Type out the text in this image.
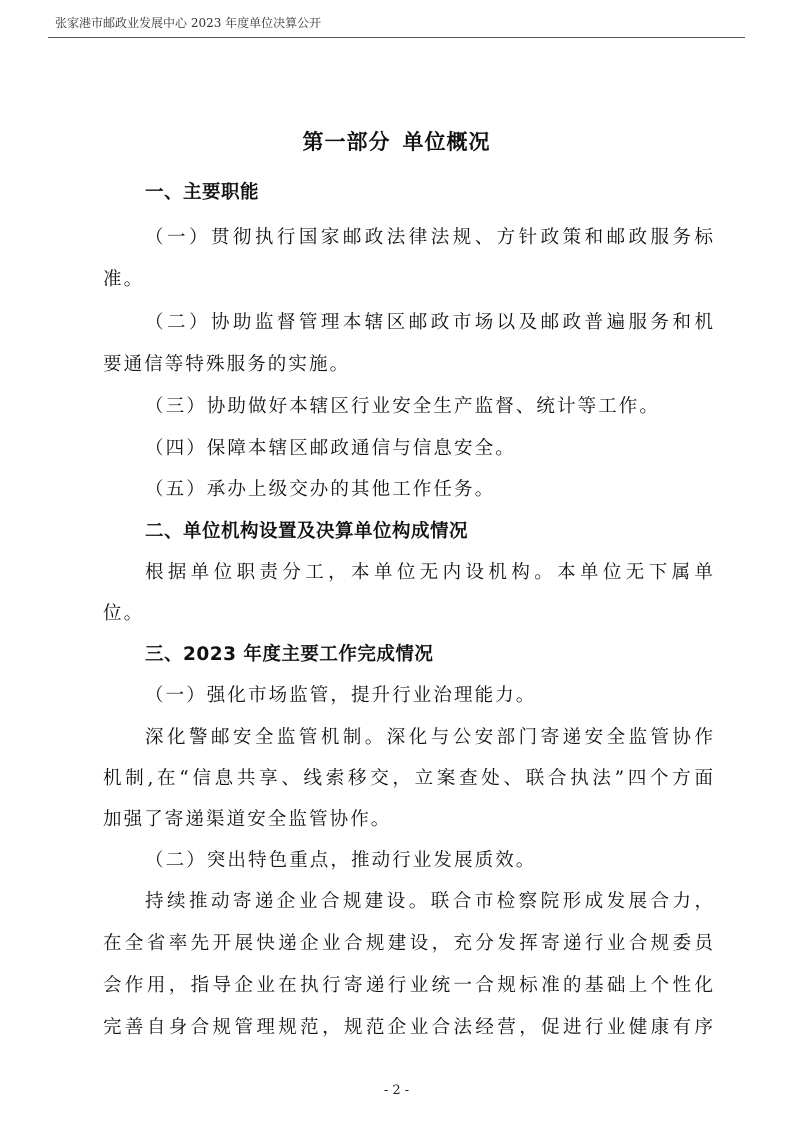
张家港市邮政业发展中心 2023 年度单位决算公开
第一部分 单位概况
一、主要职能
（一）贯彻执行国家邮政法律法规、方针政策和邮政服务标
准。
（二）协助监督管理本辖区邮政市场以及邮政普遍服务和机
要通信等特殊服务的实施。
（三）协助做好本辖区行业安全生产监督、统计等工作。
（四）保障本辖区邮政通信与信息安全。
（五）承办上级交办的其他工作任务。
二、单位机构设置及决算单位构成情况
根据单位职责分工，本单位无内设机构。本单位无下属单
位。
三、2023 年度主要工作完成情况
（一）强化市场监管，提升行业治理能力。
深化警邮安全监管机制。深化与公安部门寄递安全监管协作
机制,在“信息共享、线索移交，立案查处、联合执法”四个方面
加强了寄递渠道安全监管协作。
（二）突出特色重点，推动行业发展质效。
持续推动寄递企业合规建设。联合市检察院形成发展合力，
在全省率先开展快递企业合规建设，充分发挥寄递行业合规委员
会作用，指导企业在执行寄递行业统一合规标准的基础上个性化
完善自身合规管理规范，规范企业合法经营，促进行业健康有序
- 2 -
